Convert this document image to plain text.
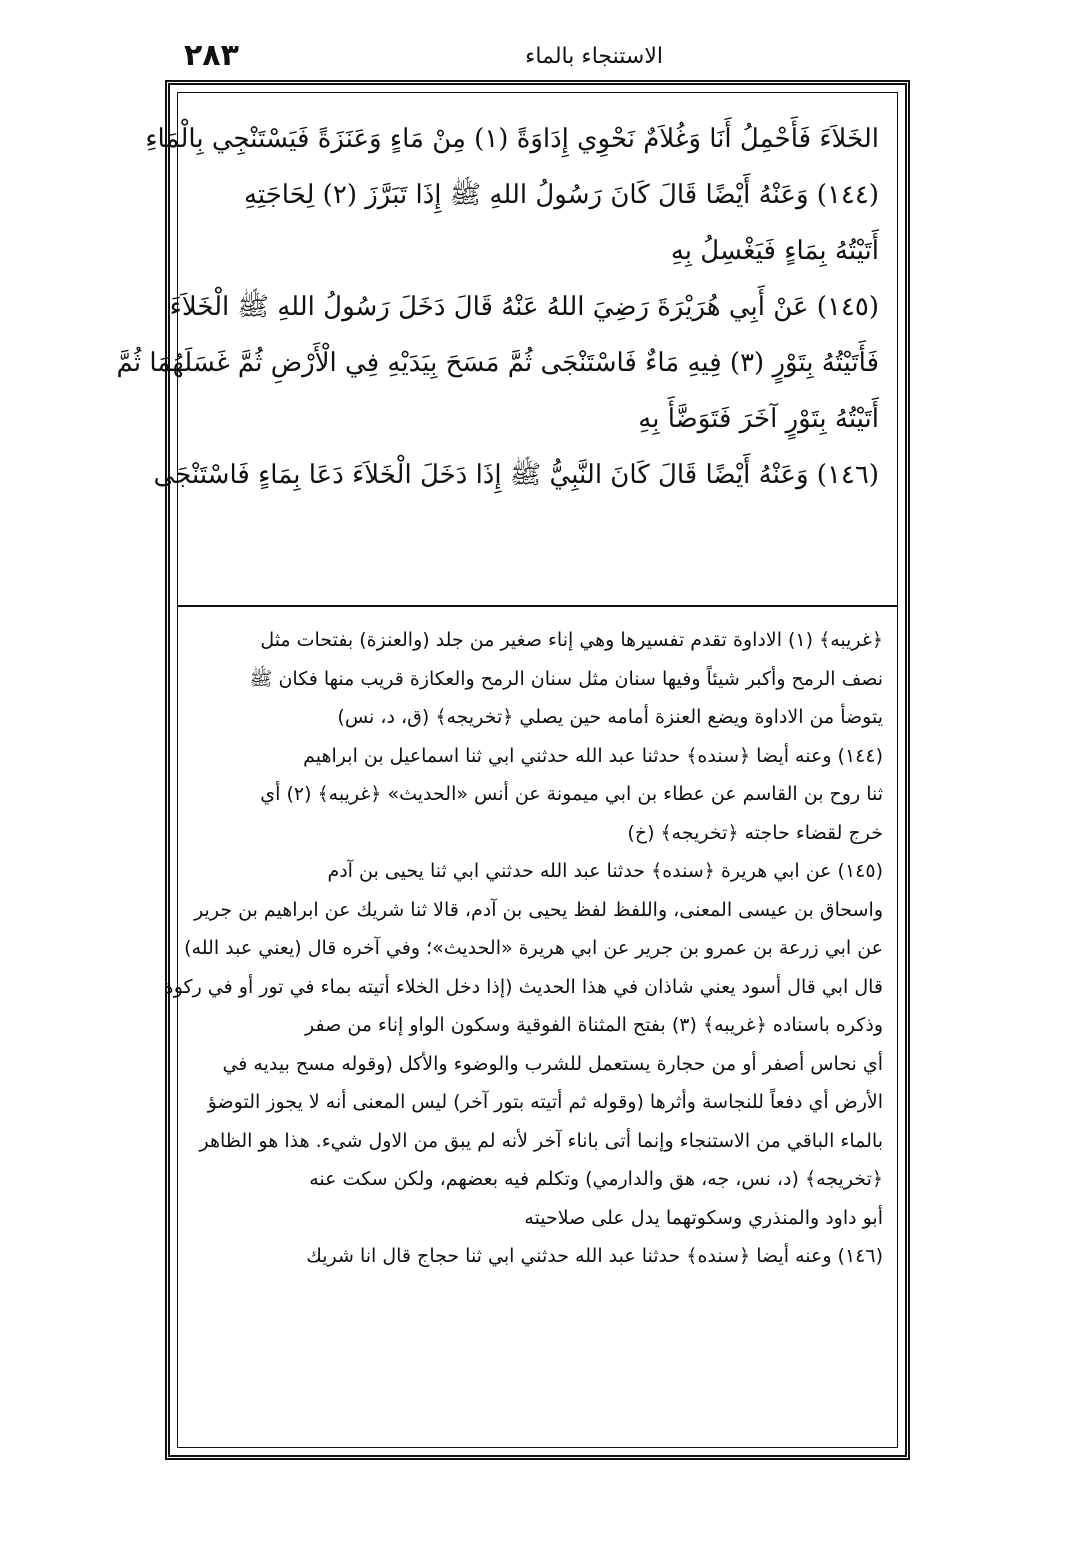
٢٨٣	الاستنجاء بالماء
الخَلاَءَ فَأَحْمِلُ أَنَا وَغُلاَمٌ نَحْوِي إِدَاوَةً (١) مِنْ مَاءٍ وَعَنَزَةً فَيَسْتَنْجِي بِالْمَاءِ
(١٤٤) وَعَنْهُ أَيْضًا قَالَ كَانَ رَسُولُ اللهِ ﷺ إِذَا تَبَرَّزَ (٢) لِحَاجَتِهِ
أَتَيْتُهُ بِمَاءٍ فَيَغْسِلُ بِهِ
(١٤٥) عَنْ أَبِي هُرَيْرَةَ رَضِيَ اللهُ عَنْهُ قَالَ دَخَلَ رَسُولُ اللهِ ﷺ الْخَلاَءَ
فَأَتَيْتُهُ بِتَوْرٍ (٣) فِيهِ مَاءٌ فَاسْتَنْجَى ثُمَّ مَسَحَ بِيَدَيْهِ فِي الْأَرْضِ ثُمَّ غَسَلَهُمَا ثُمَّ
أَتَيْتُهُ بِتَوْرٍ آخَرَ فَتَوَضَّأَ بِهِ
(١٤٦) وَعَنْهُ أَيْضًا قَالَ كَانَ النَّبِيُّ ﷺ إِذَا دَخَلَ الْخَلاَءَ دَعَا بِمَاءٍ فَاسْتَنْجَى
﴿غريبه﴾ (١) الاداوة تقدم تفسيرها وهي إناء صغير من جلد (والعنزة) بفتحات مثل
نصف الرمح وأكبر شيئاً وفيها سنان مثل سنان الرمح والعكازة قريب منها فكان ﷺ
يتوضأ من الاداوة ويضع العنزة أمامه حين يصلي ﴿تخريجه﴾ (ق، د، نس)
(١٤٤) وعنه أيضا ﴿سنده﴾ حدثنا عبد الله حدثني ابي ثنا اسماعيل بن ابراهيم
ثنا روح بن القاسم عن عطاء بن ابي ميمونة عن أنس «الحديث» ﴿غريبه﴾ (٢) أي
خرج لقضاء حاجته ﴿تخريجه﴾ (خ)
(١٤٥) عن ابي هريرة ﴿سنده﴾ حدثنا عبد الله حدثني ابي ثنا يحيى بن آدم
واسحاق بن عيسى المعنى، واللفظ لفظ يحيى بن آدم، قالا ثنا شريك عن ابراهيم بن جرير
عن ابي زرعة بن عمرو بن جرير عن ابي هريرة «الحديث»؛ وفي آخره قال (يعني عبد الله)
قال ابي قال أسود يعني شاذان في هذا الحديث (إذا دخل الخلاء أتيته بماء في تور أو في ركوة
وذكره باسناده ﴿غريبه﴾ (٣) بفتح المثناة الفوقية وسكون الواو إناء من صفر
أي نحاس أصفر أو من حجارة يستعمل للشرب والوضوء والأكل (وقوله مسح بيديه في
الأرض أي دفعاً للنجاسة وأثرها (وقوله ثم أتيته بتور آخر) ليس المعنى أنه لا يجوز التوضؤ
بالماء الباقي من الاستنجاء وإنما أتى باناء آخر لأنه لم يبق من الاول شيء. هذا هو الظاهر
﴿تخريجه﴾ (د، نس، جه، هق والدارمي) وتكلم فيه بعضهم، ولكن سكت عنه
أبو داود والمنذري وسكوتهما يدل على صلاحيته
(١٤٦) وعنه أيضا ﴿سنده﴾ حدثنا عبد الله حدثني ابي ثنا حجاج قال انا شريك
